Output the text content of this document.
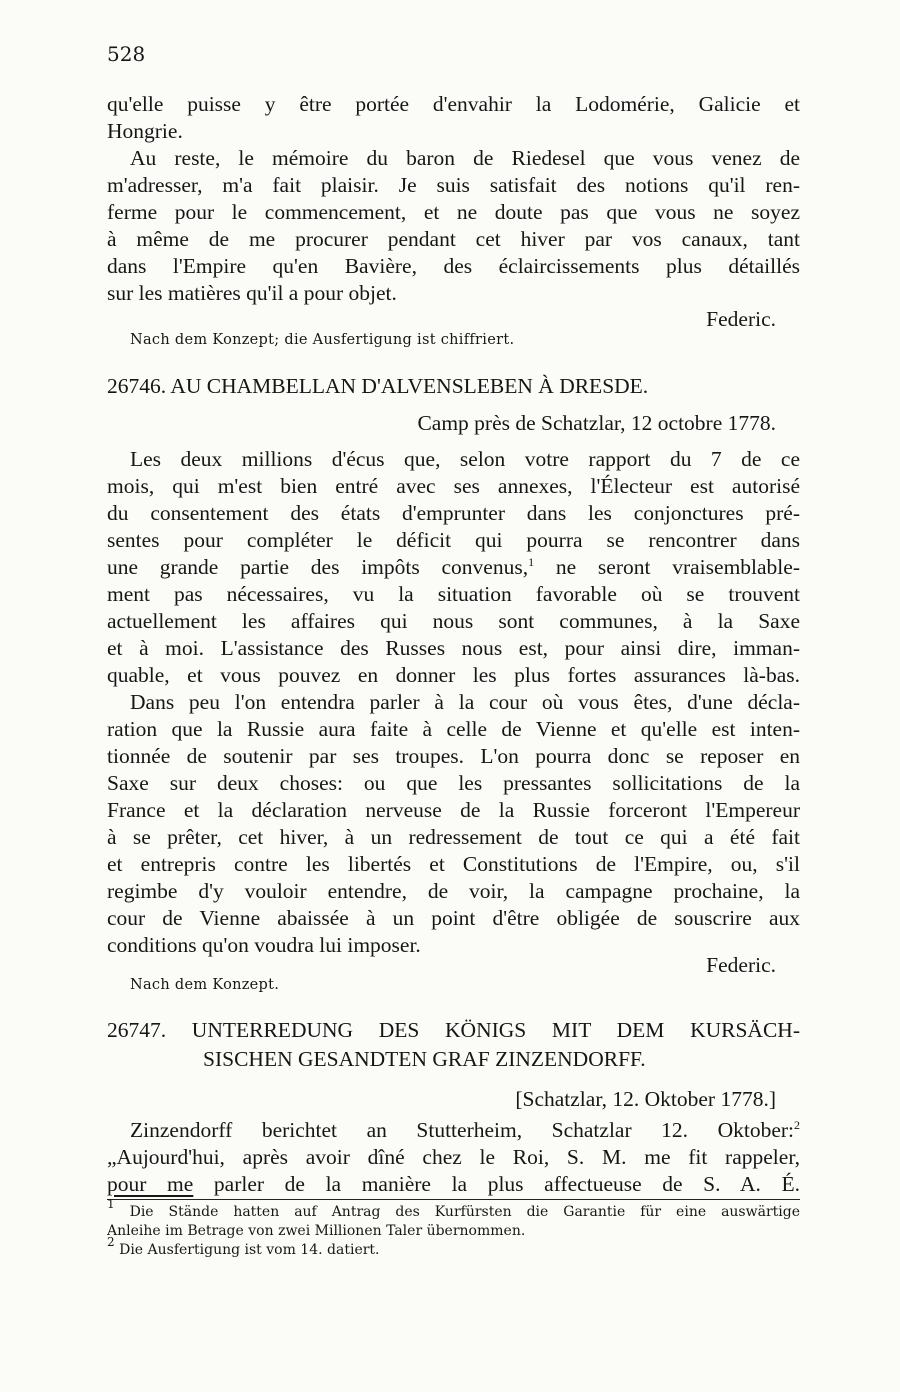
528
qu'elle puisse y être portée d'envahir la Lodomérie, Galicie et
Hongrie.
Au reste, le mémoire du baron de Riedesel que vous venez de
m'adresser, m'a fait plaisir. Je suis satisfait des notions qu'il ren-
ferme pour le commencement, et ne doute pas que vous ne soyez
à même de me procurer pendant cet hiver par vos canaux, tant
dans l'Empire qu'en Bavière, des éclaircissements plus détaillés
sur les matières qu'il a pour objet.
Federic.
Nach dem Konzept; die Ausfertigung ist chiffriert.
26746. AU CHAMBELLAN D'ALVENSLEBEN À DRESDE.
Camp près de Schatzlar, 12 octobre 1778.
Les deux millions d'écus que, selon votre rapport du 7 de ce
mois, qui m'est bien entré avec ses annexes, l'Électeur est autorisé
du consentement des états d'emprunter dans les conjonctures pré-
sentes pour compléter le déficit qui pourra se rencontrer dans
une grande partie des impôts convenus,$^1$ ne seront vraisemblable-
ment pas nécessaires, vu la situation favorable où se trouvent
actuellement les affaires qui nous sont communes, à la Saxe
et à moi. L'assistance des Russes nous est, pour ainsi dire, imman-
quable, et vous pouvez en donner les plus fortes assurances là-bas.
Dans peu l'on entendra parler à la cour où vous êtes, d'une décla-
ration que la Russie aura faite à celle de Vienne et qu'elle est inten-
tionnée de soutenir par ses troupes. L'on pourra donc se reposer en
Saxe sur deux choses: ou que les pressantes sollicitations de la
France et la déclaration nerveuse de la Russie forceront l'Empereur
à se prêter, cet hiver, à un redressement de tout ce qui a été fait
et entrepris contre les libertés et Constitutions de l'Empire, ou, s'il
regimbe d'y vouloir entendre, de voir, la campagne prochaine, la
cour de Vienne abaissée à un point d'être obligée de souscrire aux
conditions qu'on voudra lui imposer.
Federic.
Nach dem Konzept.
26747. UNTERREDUNG DES KÖNIGS MIT DEM KURSÄCH-
SISCHEN GESANDTEN GRAF ZINZENDORFF.
[Schatzlar, 12. Oktober 1778.]
Zinzendorff berichtet an Stutterheim, Schatzlar 12. Oktober:$^2$
„Aujourd'hui, après avoir dîné chez le Roi, S. M. me fit rappeler,
pour me parler de la manière la plus affectueuse de S. A. É.
$^1$ Die Stände hatten auf Antrag des Kurfürsten die Garantie für eine auswärtige
Anleihe im Betrage von zwei Millionen Taler übernommen.
$^2$ Die Ausfertigung ist vom 14. datiert.
